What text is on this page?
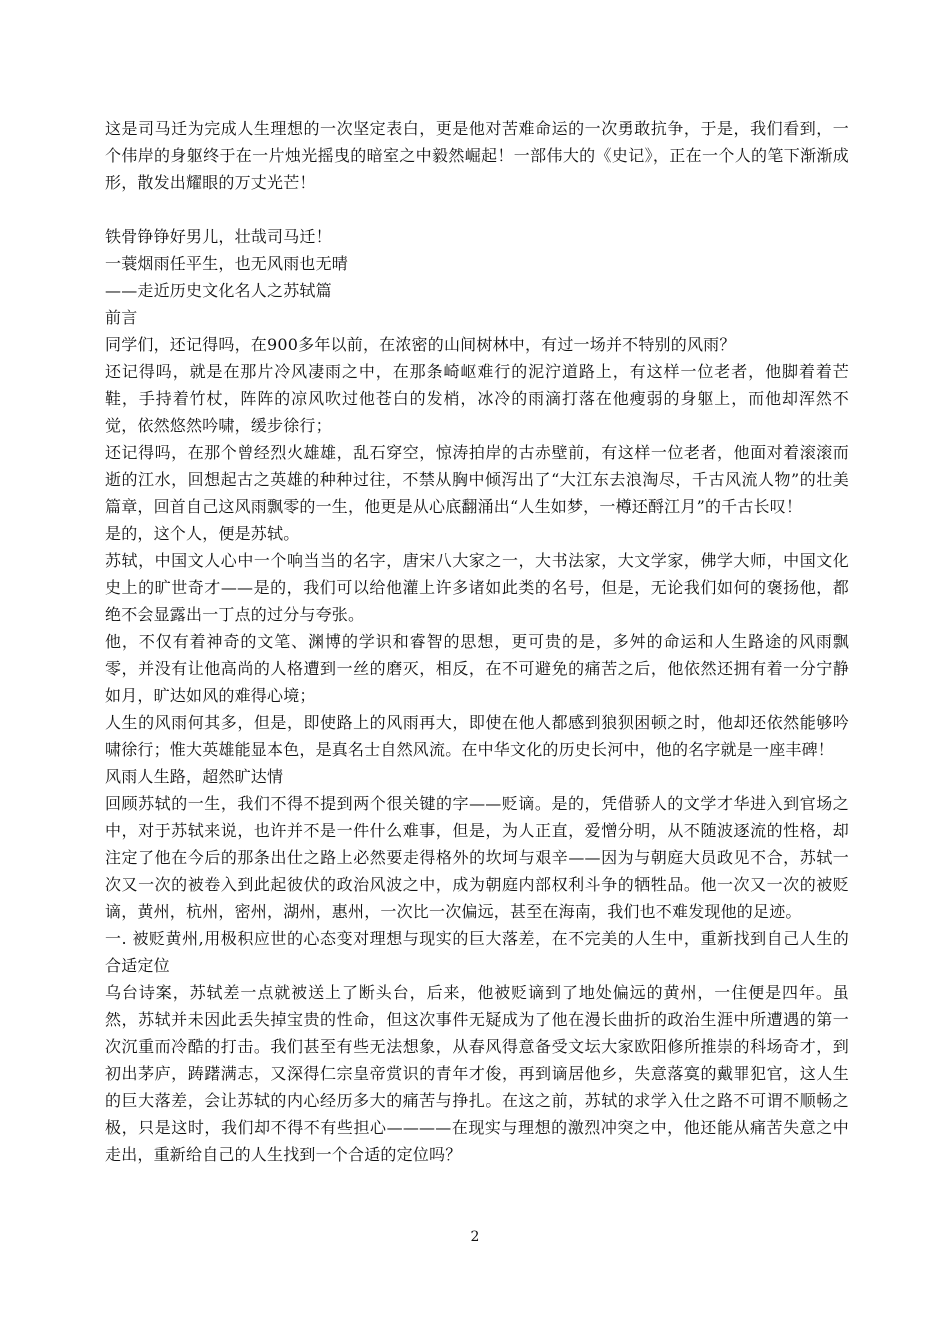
这是司马迁为完成人生理想的一次坚定表白，更是他对苦难命运的一次勇敢抗争，于是，我们看到，一个伟岸的身躯终于在一片烛光摇曳的暗室之中毅然崛起！一部伟大的《史记》，正在一个人的笔下渐渐成形，散发出耀眼的万丈光芒！

铁骨铮铮好男儿，壮哉司马迁！

一蓑烟雨任平生，也无风雨也无晴

——走近历史文化名人之苏轼篇

前言

同学们，还记得吗，在900多年以前，在浓密的山间树林中，有过一场并不特别的风雨？

还记得吗，就是在那片冷风凄雨之中，在那条崎岖难行的泥泞道路上，有这样一位老者，他脚着着芒鞋，手持着竹杖，阵阵的凉风吹过他苍白的发梢，冰冷的雨滴打落在他瘦弱的身躯上，而他却浑然不觉，依然悠然吟啸，缓步徐行；

还记得吗，在那个曾经烈火雄雄，乱石穿空，惊涛拍岸的古赤壁前，有这样一位老者，他面对着滚滚而逝的江水，回想起古之英雄的种种过往，不禁从胸中倾泻出了“大江东去浪淘尽，千古风流人物”的壮美篇章，回首自己这风雨飘零的一生，他更是从心底翻涌出“人生如梦，一樽还酹江月”的千古长叹！

是的，这个人，便是苏轼。

苏轼，中国文人心中一个响当当的名字，唐宋八大家之一，大书法家，大文学家，佛学大师，中国文化史上的旷世奇才——是的，我们可以给他灌上许多诸如此类的名号，但是，无论我们如何的褒扬他，都绝不会显露出一丁点的过分与夸张。

他，不仅有着神奇的文笔、渊博的学识和睿智的思想，更可贵的是，多舛的命运和人生路途的风雨飘零，并没有让他高尚的人格遭到一丝的磨灭，相反，在不可避免的痛苦之后，他依然还拥有着一分宁静如月，旷达如风的难得心境；

人生的风雨何其多，但是，即使路上的风雨再大，即使在他人都感到狼狈困顿之时，他却还依然能够吟啸徐行；惟大英雄能显本色，是真名士自然风流。在中华文化的历史长河中，他的名字就是一座丰碑！

风雨人生路，超然旷达情

回顾苏轼的一生，我们不得不提到两个很关键的字——贬谪。是的，凭借骄人的文学才华进入到官场之中，对于苏轼来说，也许并不是一件什么难事，但是，为人正直，爱憎分明，从不随波逐流的性格，却注定了他在今后的那条出仕之路上必然要走得格外的坎坷与艰辛——因为与朝庭大员政见不合，苏轼一次又一次的被卷入到此起彼伏的政治风波之中，成为朝庭内部权利斗争的牺牲品。他一次又一次的被贬谪，黄州，杭州，密州，湖州，惠州，一次比一次偏远，甚至在海南，我们也不难发现他的足迹。

一. 被贬黄州,用极积应世的心态变对理想与现实的巨大落差，在不完美的人生中，重新找到自己人生的合适定位

乌台诗案，苏轼差一点就被送上了断头台，后来，他被贬谪到了地处偏远的黄州，一住便是四年。虽然，苏轼并未因此丢失掉宝贵的性命，但这次事件无疑成为了他在漫长曲折的政治生涯中所遭遇的第一次沉重而冷酷的打击。我们甚至有些无法想象，从春风得意备受文坛大家欧阳修所推崇的科场奇才，到初出茅庐，踌躇满志，又深得仁宗皇帝赏识的青年才俊，再到谪居他乡，失意落寞的戴罪犯官，这人生的巨大落差，会让苏轼的内心经历多大的痛苦与挣扎。在这之前，苏轼的求学入仕之路不可谓不顺畅之极，只是这时，我们却不得不有些担心————在现实与理想的激烈冲突之中，他还能从痛苦失意之中走出，重新给自己的人生找到一个合适的定位吗？

2
